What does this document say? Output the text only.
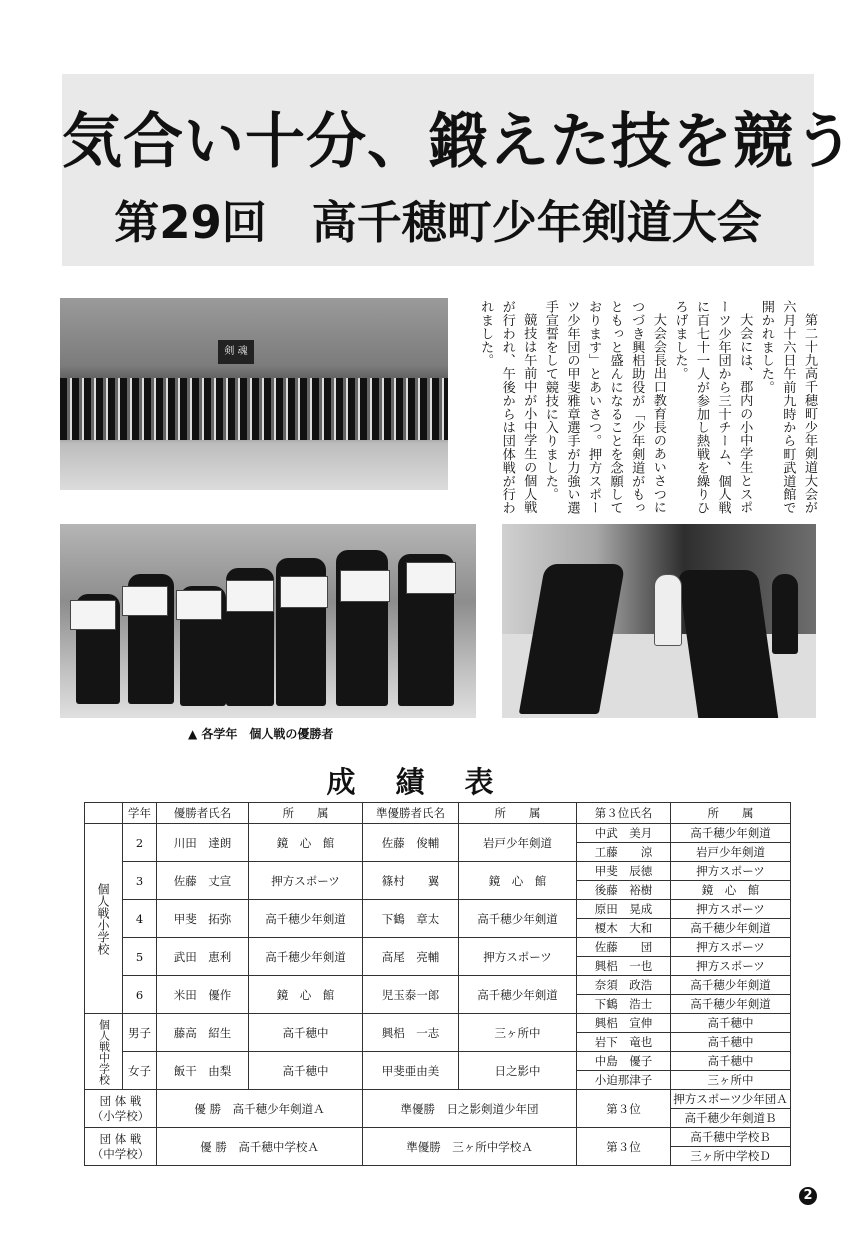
気合い十分、鍛えた技を競う
第29回　高千穂町少年剣道大会
剣 魂	第二十九高千穂町少年剣道大会が六月十六日午前九時から町武道館で開かれました。

大会には、郡内の小中学生とスポーツ少年団から三十チーム、個人戦に百七十一人が参加し熱戦を繰りひろげました。

大会会長出口教育長のあいさつにつづき興梠助役が「少年剣道がもっともっと盛んになることを念願しております」とあいさつ。押方スポーツ少年団の甲斐雅章選手が力強い選手宣誓をして競技に入りました。

競技は午前中が小中学生の個人戦が行われ、午後からは団体戦が行われました。

▲ 各学年　個人戦の優勝者
成績表
	学年	優勝者氏名	所　　属	準優勝者氏名	所　　属	第３位氏名	所　　属

個人戦小学校	2	川田　達朗	鏡　心　館	佐藤　俊輔	岩戸少年剣道	中武　美月	高千穂少年剣道
						工藤　　涼	岩戸少年剣道
	3	佐藤　丈宣	押方スポーツ	篠村　　翼	鏡　心　館	甲斐　辰徳	押方スポーツ
						後藤　裕樹	鏡　心　館
	4	甲斐　拓弥	高千穂少年剣道	下鶴　章太	高千穂少年剣道	原田　晃成	押方スポーツ
						榎木　大和	高千穂少年剣道
	5	武田　恵利	高千穂少年剣道	高尾　亮輔	押方スポーツ	佐藤　　団	押方スポーツ
						興梠　一也	押方スポーツ
	6	米田　優作	鏡　心　館	児玉泰一郎	高千穂少年剣道	奈須　政浩	高千穂少年剣道
						下鶴　浩士	高千穂少年剣道

個人戦中学校	男子	藤高　紹生	高千穂中	興梠　一志	三ヶ所中	興梠　宣伸	高千穂中
						岩下　竜也	高千穂中
	女子	飯干　由梨	高千穂中	甲斐亜由美	日之影中	中島　優子	高千穂中
						小迫那津子	三ヶ所中
団 体 戦
（小学校）		優 勝　高千穂少年剣道Ａ		準優勝　日之影剣道少年団		第３位	押方スポーツ少年団Ａ
							高千穂少年剣道Ｂ
団 体 戦
（中学校）		優 勝　高千穂中学校Ａ		準優勝　三ヶ所中学校Ａ		第３位	高千穂中学校Ｂ
							三ヶ所中学校Ｄ
2
